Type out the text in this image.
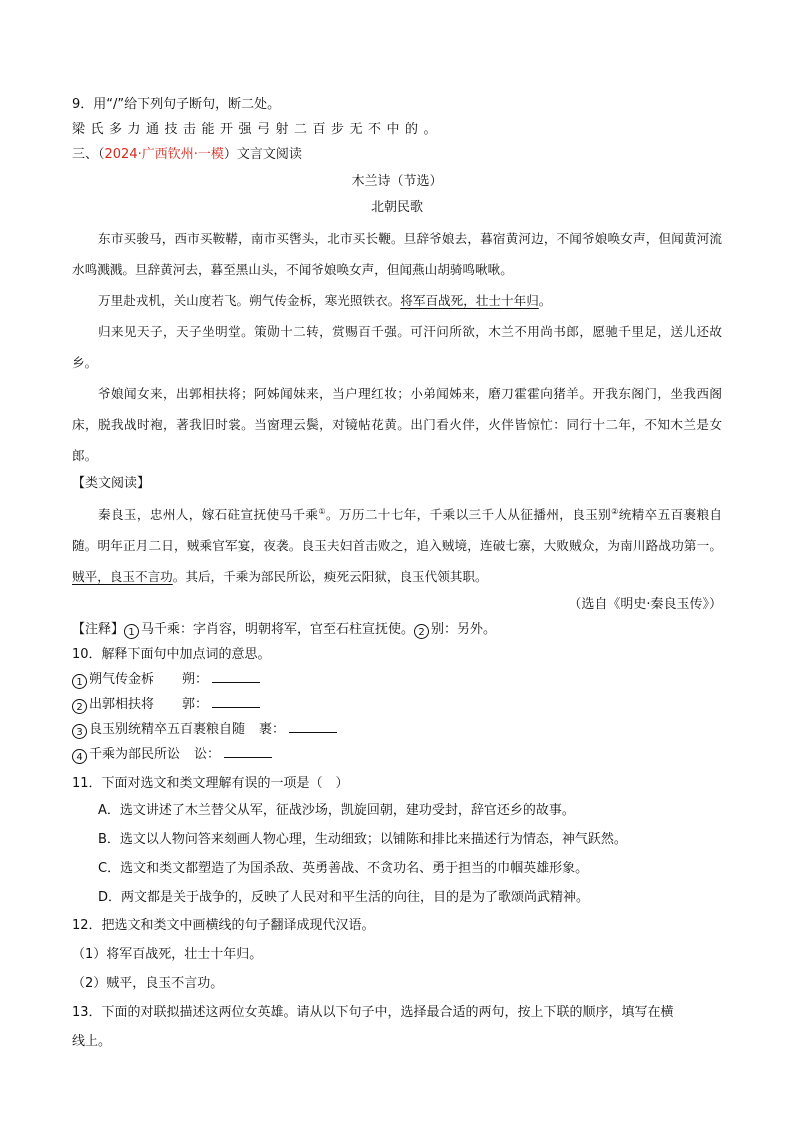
9．用“/”给下列句子断句，断二处。
梁氏多力通技击能开强弓射二百步无不中的。
三、（2024·广西钦州·一模）文言文阅读
木兰诗（节选）
北朝民歌

东市买骏马，西市买鞍鞯，南市买辔头，北市买长鞭。旦辞爷娘去，暮宿黄河边，不闻爷娘唤女声，但闻黄河流水鸣溅溅。旦辞黄河去，暮至黑山头，不闻爷娘唤女声，但闻燕山胡骑鸣啾啾。

万里赴戎机，关山度若飞。朔气传金柝，寒光照铁衣。将军百战死，壮士十年归。

归来见天子，天子坐明堂。策勋十二转，赏赐百千强。可汗问所欲，木兰不用尚书郎，愿驰千里足，送儿还故乡。

爷娘闻女来，出郭相扶将；阿姊闻妹来，当户理红妆；小弟闻姊来，磨刀霍霍向猪羊。开我东阁门，坐我西阁床，脱我战时袍，著我旧时裳。当窗理云鬓，对镜帖花黄。出门看火伴，火伴皆惊忙：同行十二年，不知木兰是女郎。

【类文阅读】

秦良玉，忠州人，嫁石砫宣抚使马千乘①。万历二十七年，千乘以三千人从征播州，良玉别②统精卒五百裹粮自随。明年正月二日，贼乘官军宴，夜袭。良玉夫妇首击败之，追入贼境，连破七寨，大败贼众，为南川路战功第一。贼平，良玉不言功。其后，千乘为部民所讼，瘐死云阳狱，良玉代领其职。

（选自《明史·秦良玉传》）
【注释】 1 马千乘：字肖容，明朝将军，官至石柱宣抚使。 2 别：另外。
10．解释下面句中加点词的意思。
1 朔气传金柝 朔：
2 出郭相扶将 郭：
3 良玉别统精卒五百裹粮自随 裹：
4 千乘为部民所讼 讼：
11．下面对选文和类文理解有误的一项是（　）
A．选文讲述了木兰替父从军，征战沙场，凯旋回朝，建功受封，辞官还乡的故事。
B．选文以人物问答来刻画人物心理，生动细致；以铺陈和排比来描述行为情态，神气跃然。
C．选文和类文都塑造了为国杀敌、英勇善战、不贪功名、勇于担当的巾帼英雄形象。
D．两文都是关于战争的，反映了人民对和平生活的向往，目的是为了歌颂尚武精神。
12．把选文和类文中画横线的句子翻译成现代汉语。
（1）将军百战死，壮士十年归。
（2）贼平，良玉不言功。
13．下面的对联拟描述这两位女英雄。请从以下句子中，选择最合适的两句，按上下联的顺序，填写在横
线上。
